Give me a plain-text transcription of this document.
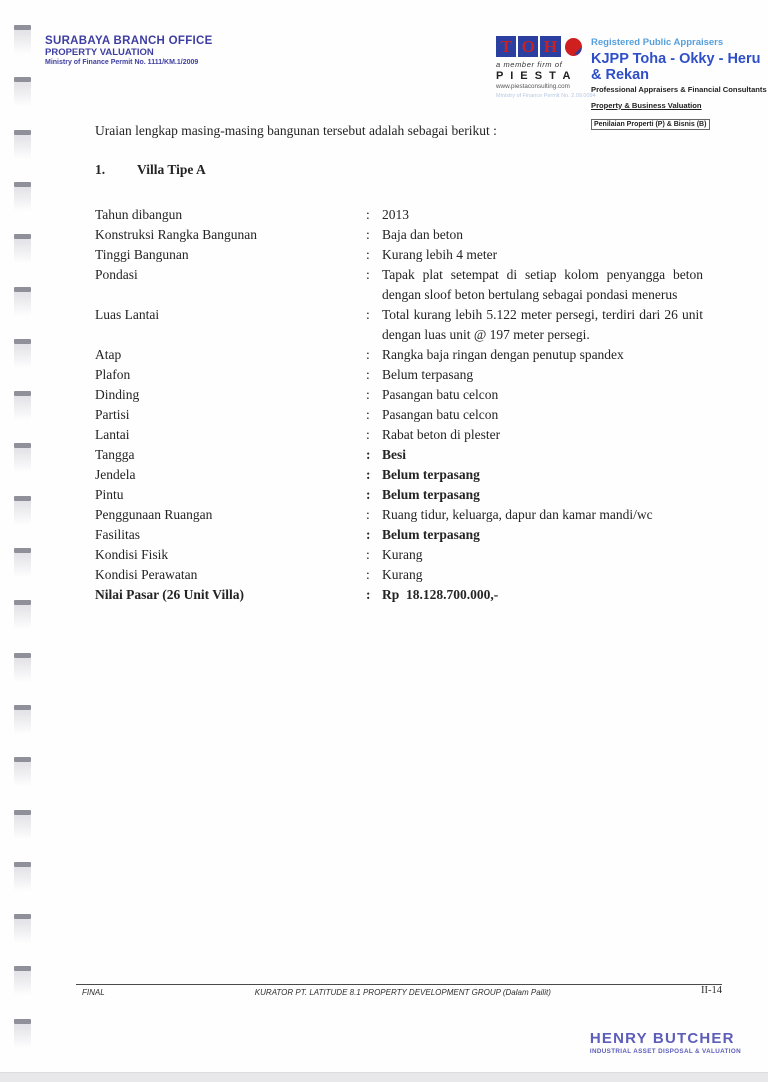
SURABAYA BRANCH OFFICE
PROPERTY VALUATION
Ministry of Finance Permit No. 1111/KM.1/2009
T O H
a member firm of
P I E S T A
www.piestaconsulting.com
Ministry of Finance Permit No. 2.09.0094
Registered Public Appraisers
KJPP Toha - Okky - Heru & Rekan
Professional Appraisers & Financial Consultants
Property & Business Valuation
Penilaian Properti (P) & Bisnis (B)
Uraian lengkap masing-masing bangunan tersebut adalah sebagai berikut :
1. Villa Tipe A
Tahun dibangun	: 2013
Konstruksi Rangka Bangunan	: Baja dan beton
Tinggi Bangunan	: Kurang lebih 4 meter
Pondasi	: Tapak plat setempat di setiap kolom penyangga beton dengan sloof beton bertulang sebagai pondasi menerus
Luas Lantai	: Total kurang lebih 5.122 meter persegi, terdiri dari 26 unit dengan luas unit @ 197 meter persegi.
Atap	: Rangka baja ringan dengan penutup spandex
Plafon	: Belum terpasang
Dinding	: Pasangan batu celcon
Partisi	: Pasangan batu celcon
Lantai	: Rabat beton di plester
Tangga	: Besi
Jendela	: Belum terpasang
Pintu	: Belum terpasang
Penggunaan Ruangan	: Ruang tidur, keluarga, dapur dan kamar mandi/wc
Fasilitas	: Belum terpasang
Kondisi Fisik	: Kurang
Kondisi Perawatan	: Kurang
Nilai Pasar (26 Unit Villa)	: Rp  18.128.700.000,-
FINAL	KURATOR PT. LATITUDE 8.1 PROPERTY DEVELOPMENT GROUP (Dalam Pailit)	II-14
HENRY BUTCHER
INDUSTRIAL ASSET DISPOSAL & VALUATION
